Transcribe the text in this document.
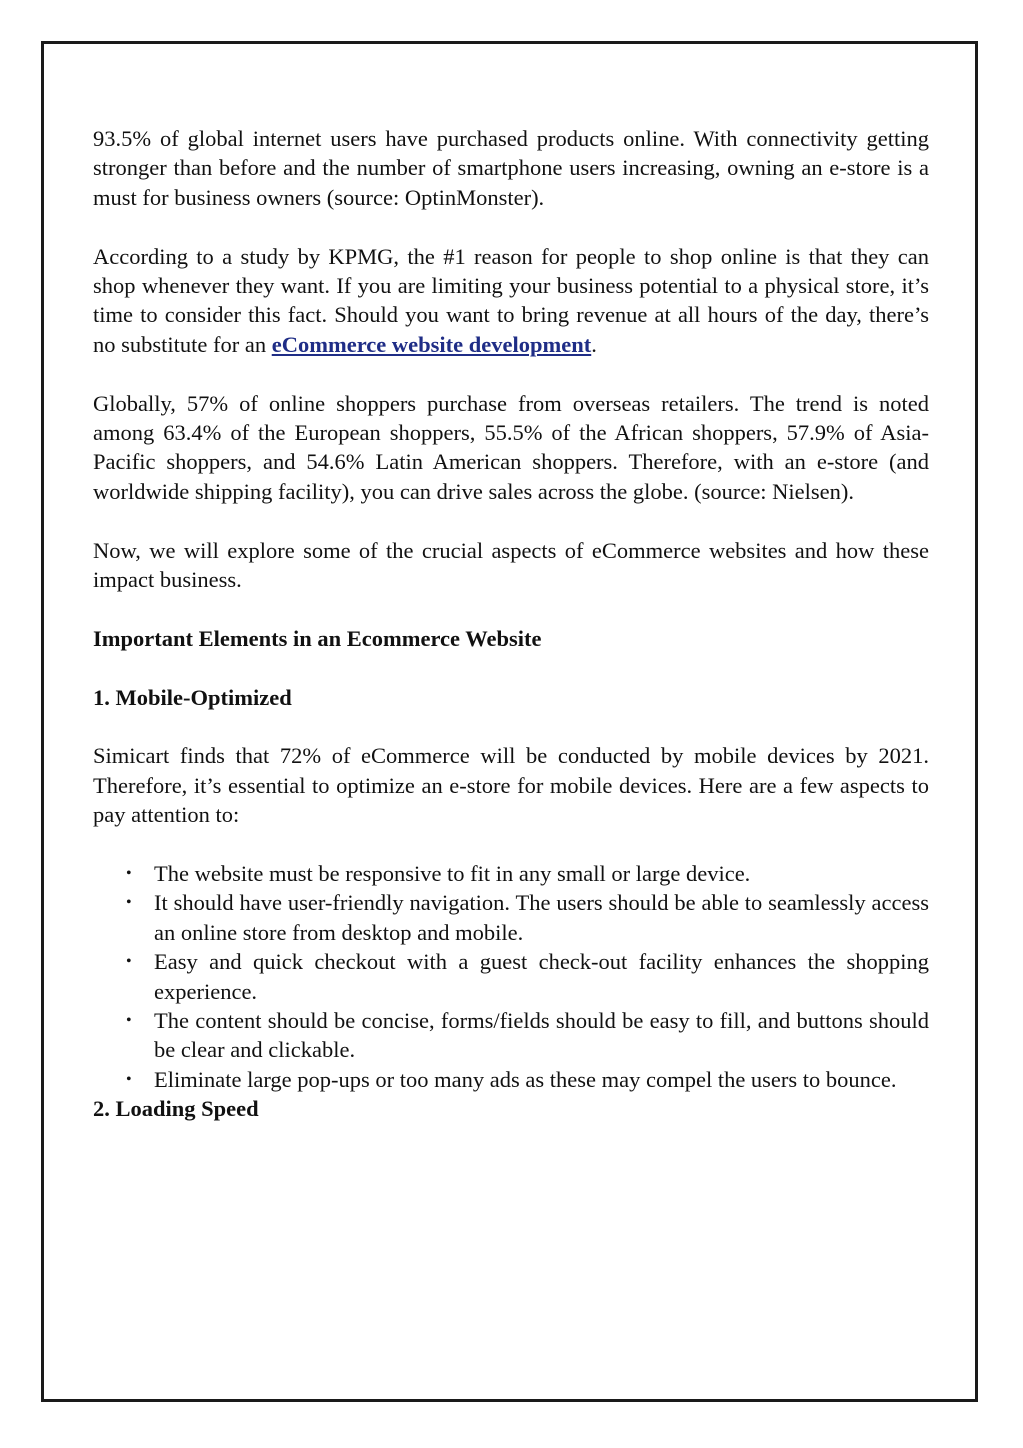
93.5% of global internet users have purchased products online. With connectivity getting stronger than before and the number of smartphone users increasing, owning an e-store is a must for business owners (source: OptinMonster).

According to a study by KPMG, the #1 reason for people to shop online is that they can shop whenever they want. If you are limiting your business potential to a physical store, it’s time to consider this fact. Should you want to bring revenue at all hours of the day, there’s no substitute for an eCommerce website development.

Globally, 57% of online shoppers purchase from overseas retailers. The trend is noted among 63.4% of the European shoppers, 55.5% of the African shoppers, 57.9% of Asia-Pacific shoppers, and 54.6% Latin American shoppers. Therefore, with an e-store (and worldwide shipping facility), you can drive sales across the globe. (source: Nielsen).

Now, we will explore some of the crucial aspects of eCommerce websites and how these impact business.

Important Elements in an Ecommerce Website
1. Mobile-Optimized

Simicart finds that 72% of eCommerce will be conducted by mobile devices by 2021. Therefore, it’s essential to optimize an e-store for mobile devices. Here are a few aspects to pay attention to:

• The website must be responsive to fit in any small or large device.
• It should have user-friendly navigation. The users should be able to seamlessly access an online store from desktop and mobile.
• Easy and quick checkout with a guest check-out facility enhances the shopping experience.
• The content should be concise, forms/fields should be easy to fill, and buttons should be clear and clickable.
• Eliminate large pop-ups or too many ads as these may compel the users to bounce.
2. Loading Speed
